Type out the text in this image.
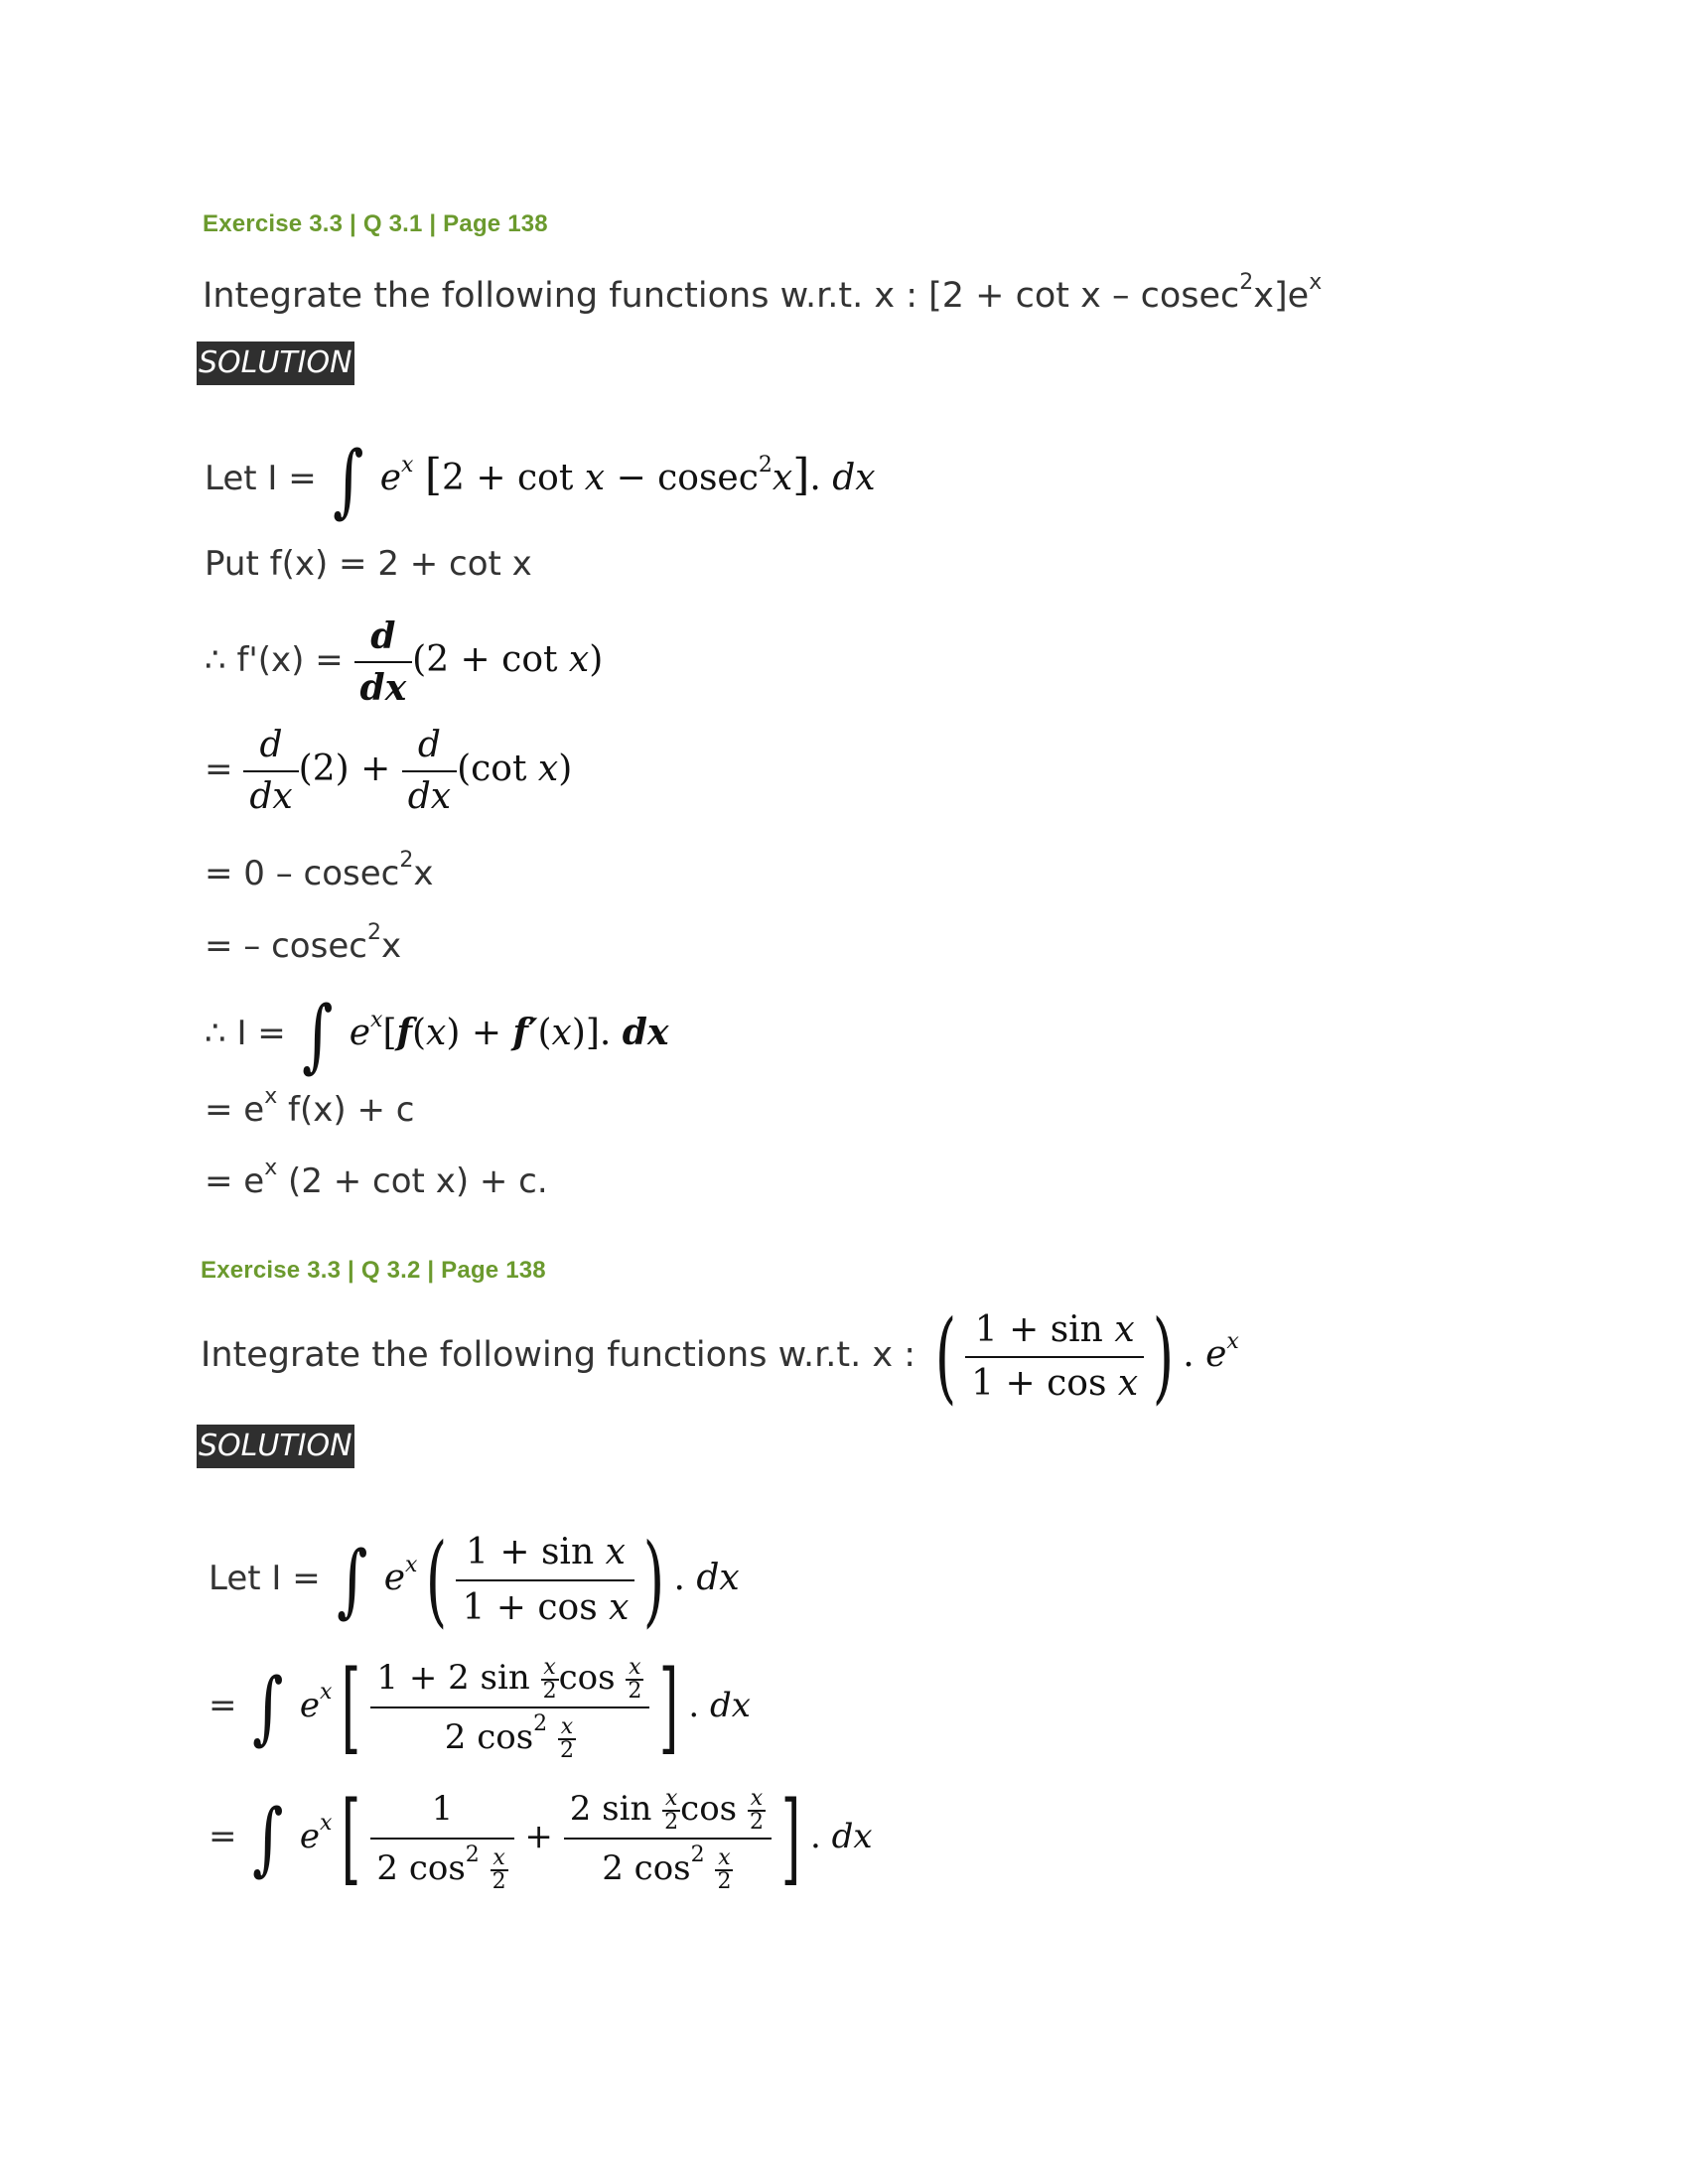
Exercise 3.3 | Q 3.1 | Page 138
Integrate the following functions w.r.t. x : $[2 + \cot x - cosec^2x]e^x$
SOLUTION
Let I = ∫ $e^x$ [2 + cot x − cosec$^2$x]. dx
Put f(x) = 2 + cot x
∴ $f'(x) = \frac{d}{dx} (2 + \cot x)$
= $\frac{d}{dx} (2) + \frac{d}{dx} (\cot$ x)
= 0 – cosec$^2$x
= – cosec$^2$x
∴ I = ∫ $e^x[f(x) + f'(x)]$. dx
= $e^x$ f(x) + c
= $e^x$ (2 + cot x) + c.
Exercise 3.3 | Q 3.2 | Page 138
Integrate the following functions w.r.t. x : ( $\frac{\text{1 + sin x}}{\text{1 + cos x}}$ ) . $e^x$
SOLUTION
Let I = ∫ $e^x( \frac{\text{1 + sin x}}{\text{1 + cos x}}$ ) . dx
= ∫ $e^x[ \frac{1 + 2 \sin \frac{x}{2} \cos \frac{x}{2}}{2 \cos^2 \frac{x}{2}}$ ] . dx
= ∫ $e^x[ \frac{1}{2 \cos^2 \frac{x}{2}} + \frac{2 \sin \frac{x}{2} \cos \frac{x}{2}}{2 \cos^2 \frac{x}{2}}$ ] . dx
